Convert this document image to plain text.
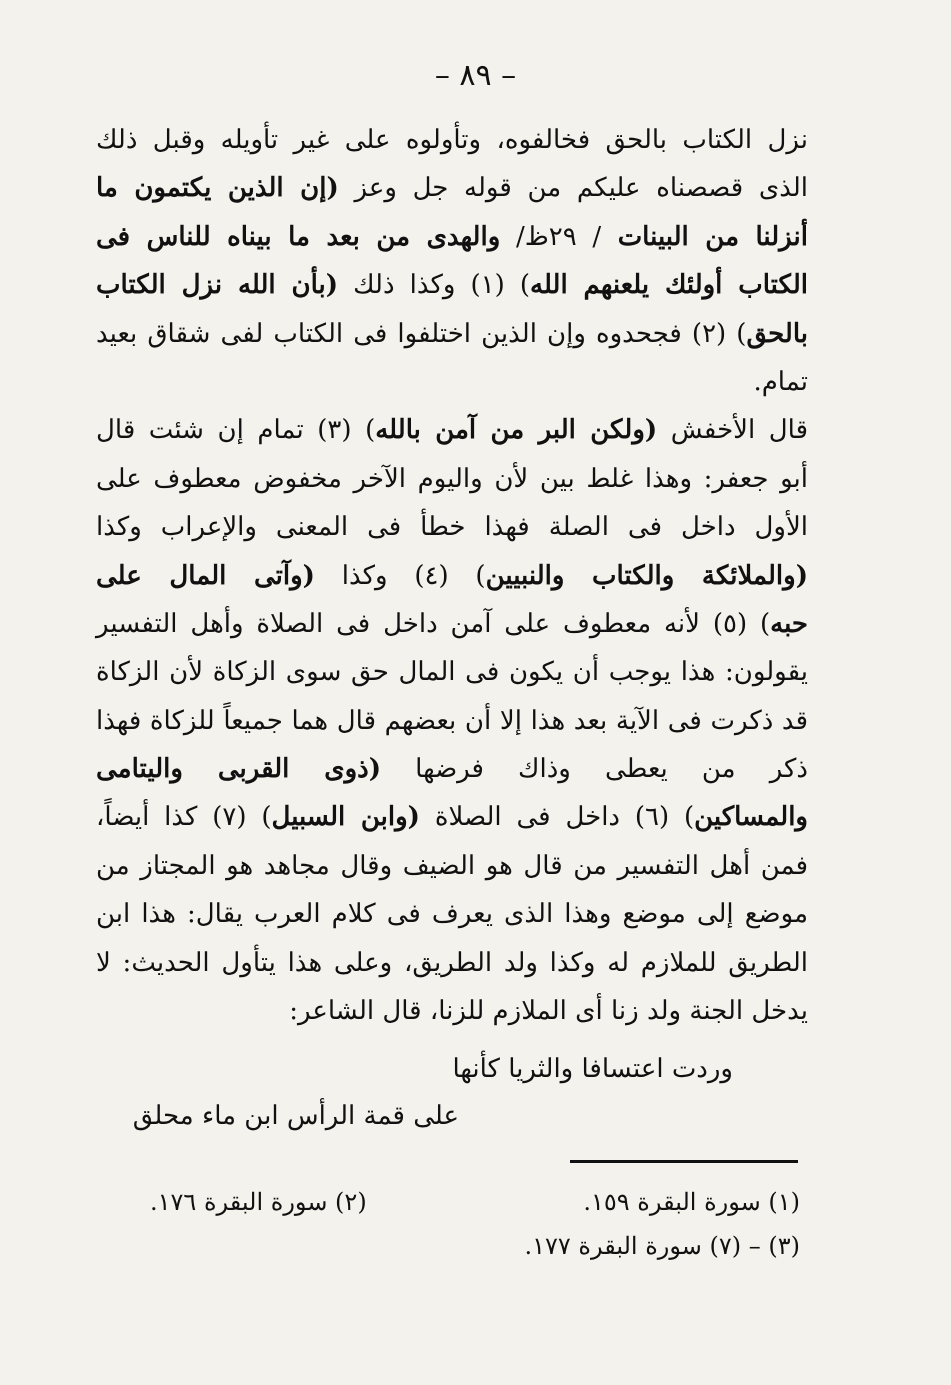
– ٨٩ –
نزل الكتاب بالحق فخالفوه، وتأولوه على غير تأويله وقبل ذلك
الذى قصصناه عليكم من قوله جل وعز (إن الذين يكتمون ما
أنزلنا من البينات / ٢٩ظ/ والهدى من بعد ما بيناه للناس فى
الكتاب أولئك يلعنهم الله) (١) وكذا ذلك (بأن الله نزل الكتاب
بالحق) (٢) فجحدوه وإن الذين اختلفوا فى الكتاب لفى شقاق بعيد
تمام.
قال الأخفش (ولكن البر من آمن بالله) (٣) تمام إن شئت قال
أبو جعفر: وهذا غلط بين لأن واليوم الآخر مخفوض معطوف على
الأول داخل فى الصلة فهذا خطأ فى المعنى والإعراب وكذا
(والملائكة والكتاب والنبيين) (٤) وكذا (وآتى المال على
حبه) (٥) لأنه معطوف على آمن داخل فى الصلاة وأهل التفسير
يقولون: هذا يوجب أن يكون فى المال حق سوى الزكاة لأن الزكاة
قد ذكرت فى الآية بعد هذا إلا أن بعضهم قال هما جميعاً للزكاة فهذا
ذكر من يعطى وذاك فرضها (ذوى القربى واليتامى
والمساكين) (٦) داخل فى الصلاة (وابن السبيل) (٧) كذا أيضاً،
فمن أهل التفسير من قال هو الضيف وقال مجاهد هو المجتاز من
موضع إلى موضع وهذا الذى يعرف فى كلام العرب يقال: هذا ابن
الطريق للملازم له وكذا ولد الطريق، وعلى هذا يتأول الحديث: لا
يدخل الجنة ولد زنا أى الملازم للزنا، قال الشاعر:
وردت اعتسافا والثريا كأنها
على قمة الرأس ابن ماء محلق
(١) سورة البقرة ١٥٩.
(٢) سورة البقرة ١٧٦.
(٣) – (٧) سورة البقرة ١٧٧.
